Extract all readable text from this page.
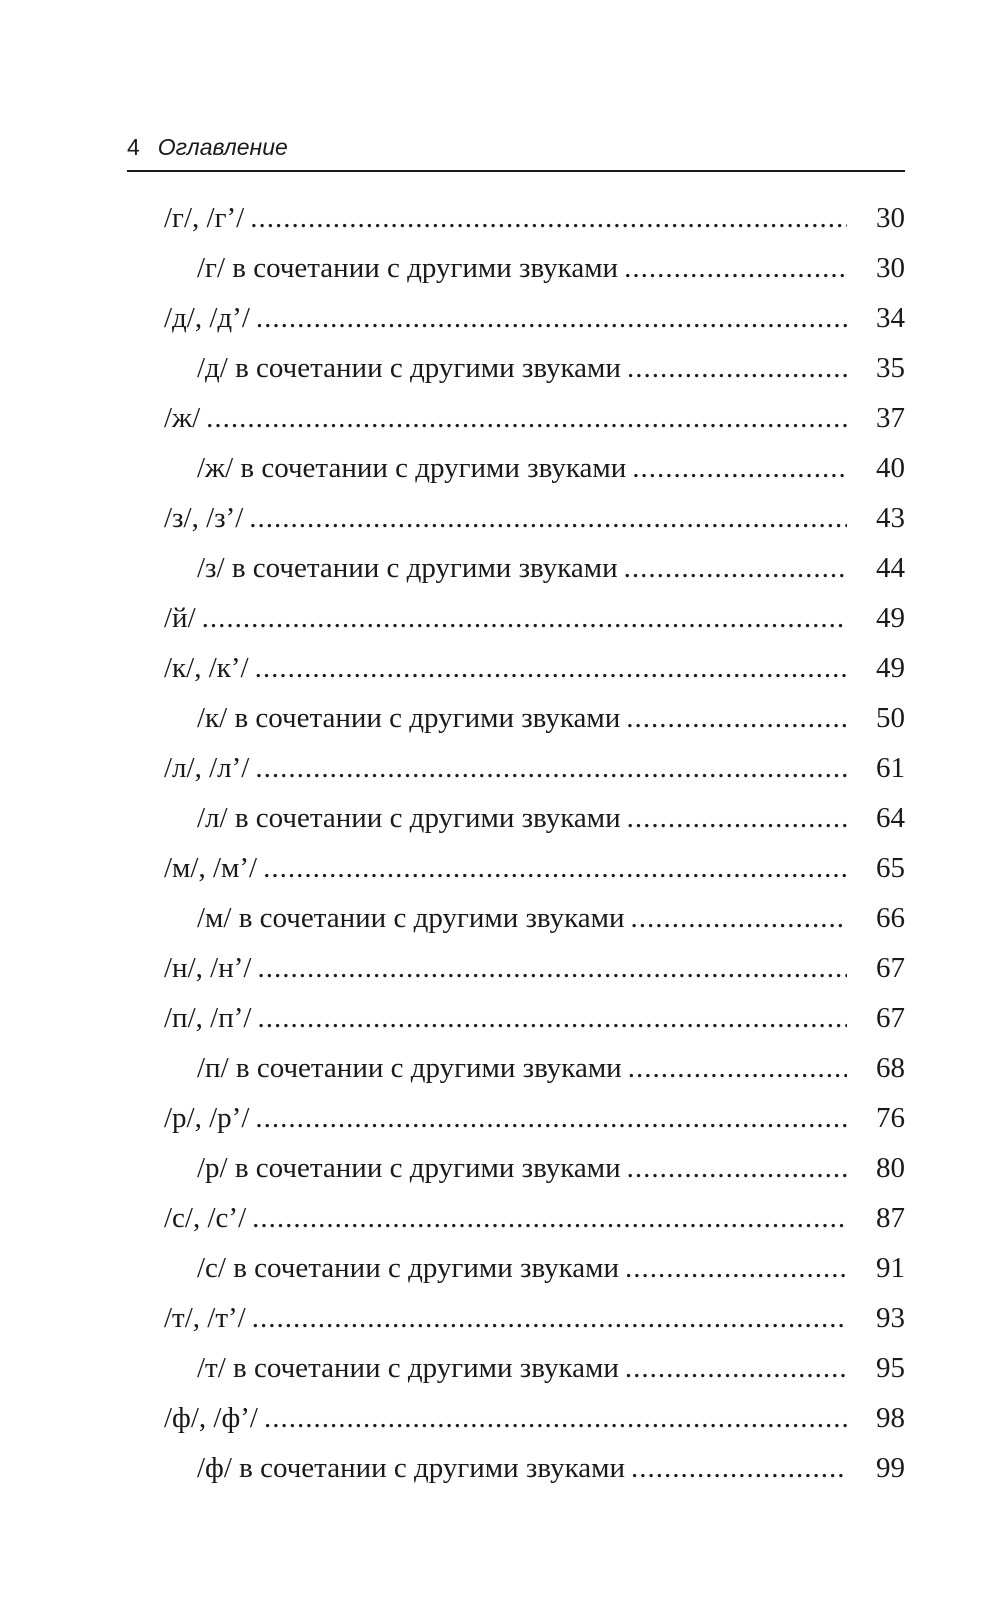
4 Оглавление
/г/, /г’/ .....	30
/г/ в сочетании с другими звуками .....	30
/д/, /д’/ .....	34
/д/ в сочетании с другими звуками .....	35
/ж/ .....	37
/ж/ в сочетании с другими звуками .....	40
/з/, /з’/ .....	43
/з/ в сочетании с другими звуками .....	44
/й/ .....	49
/к/, /к’/ .....	49
/к/ в сочетании с другими звуками .....	50
/л/, /л’/ .....	61
/л/ в сочетании с другими звуками .....	64
/м/, /м’/ .....	65
/м/ в сочетании с другими звуками .....	66
/н/, /н’/ .....	67
/п/, /п’/ .....	67
/п/ в сочетании с другими звуками .....	68
/р/, /р’/ .....	76
/р/ в сочетании с другими звуками .....	80
/с/, /с’/ .....	87
/с/ в сочетании с другими звуками .....	91
/т/, /т’/ .....	93
/т/ в сочетании с другими звуками .....	95
/ф/, /ф’/ .....	98
/ф/ в сочетании с другими звуками .....	99
